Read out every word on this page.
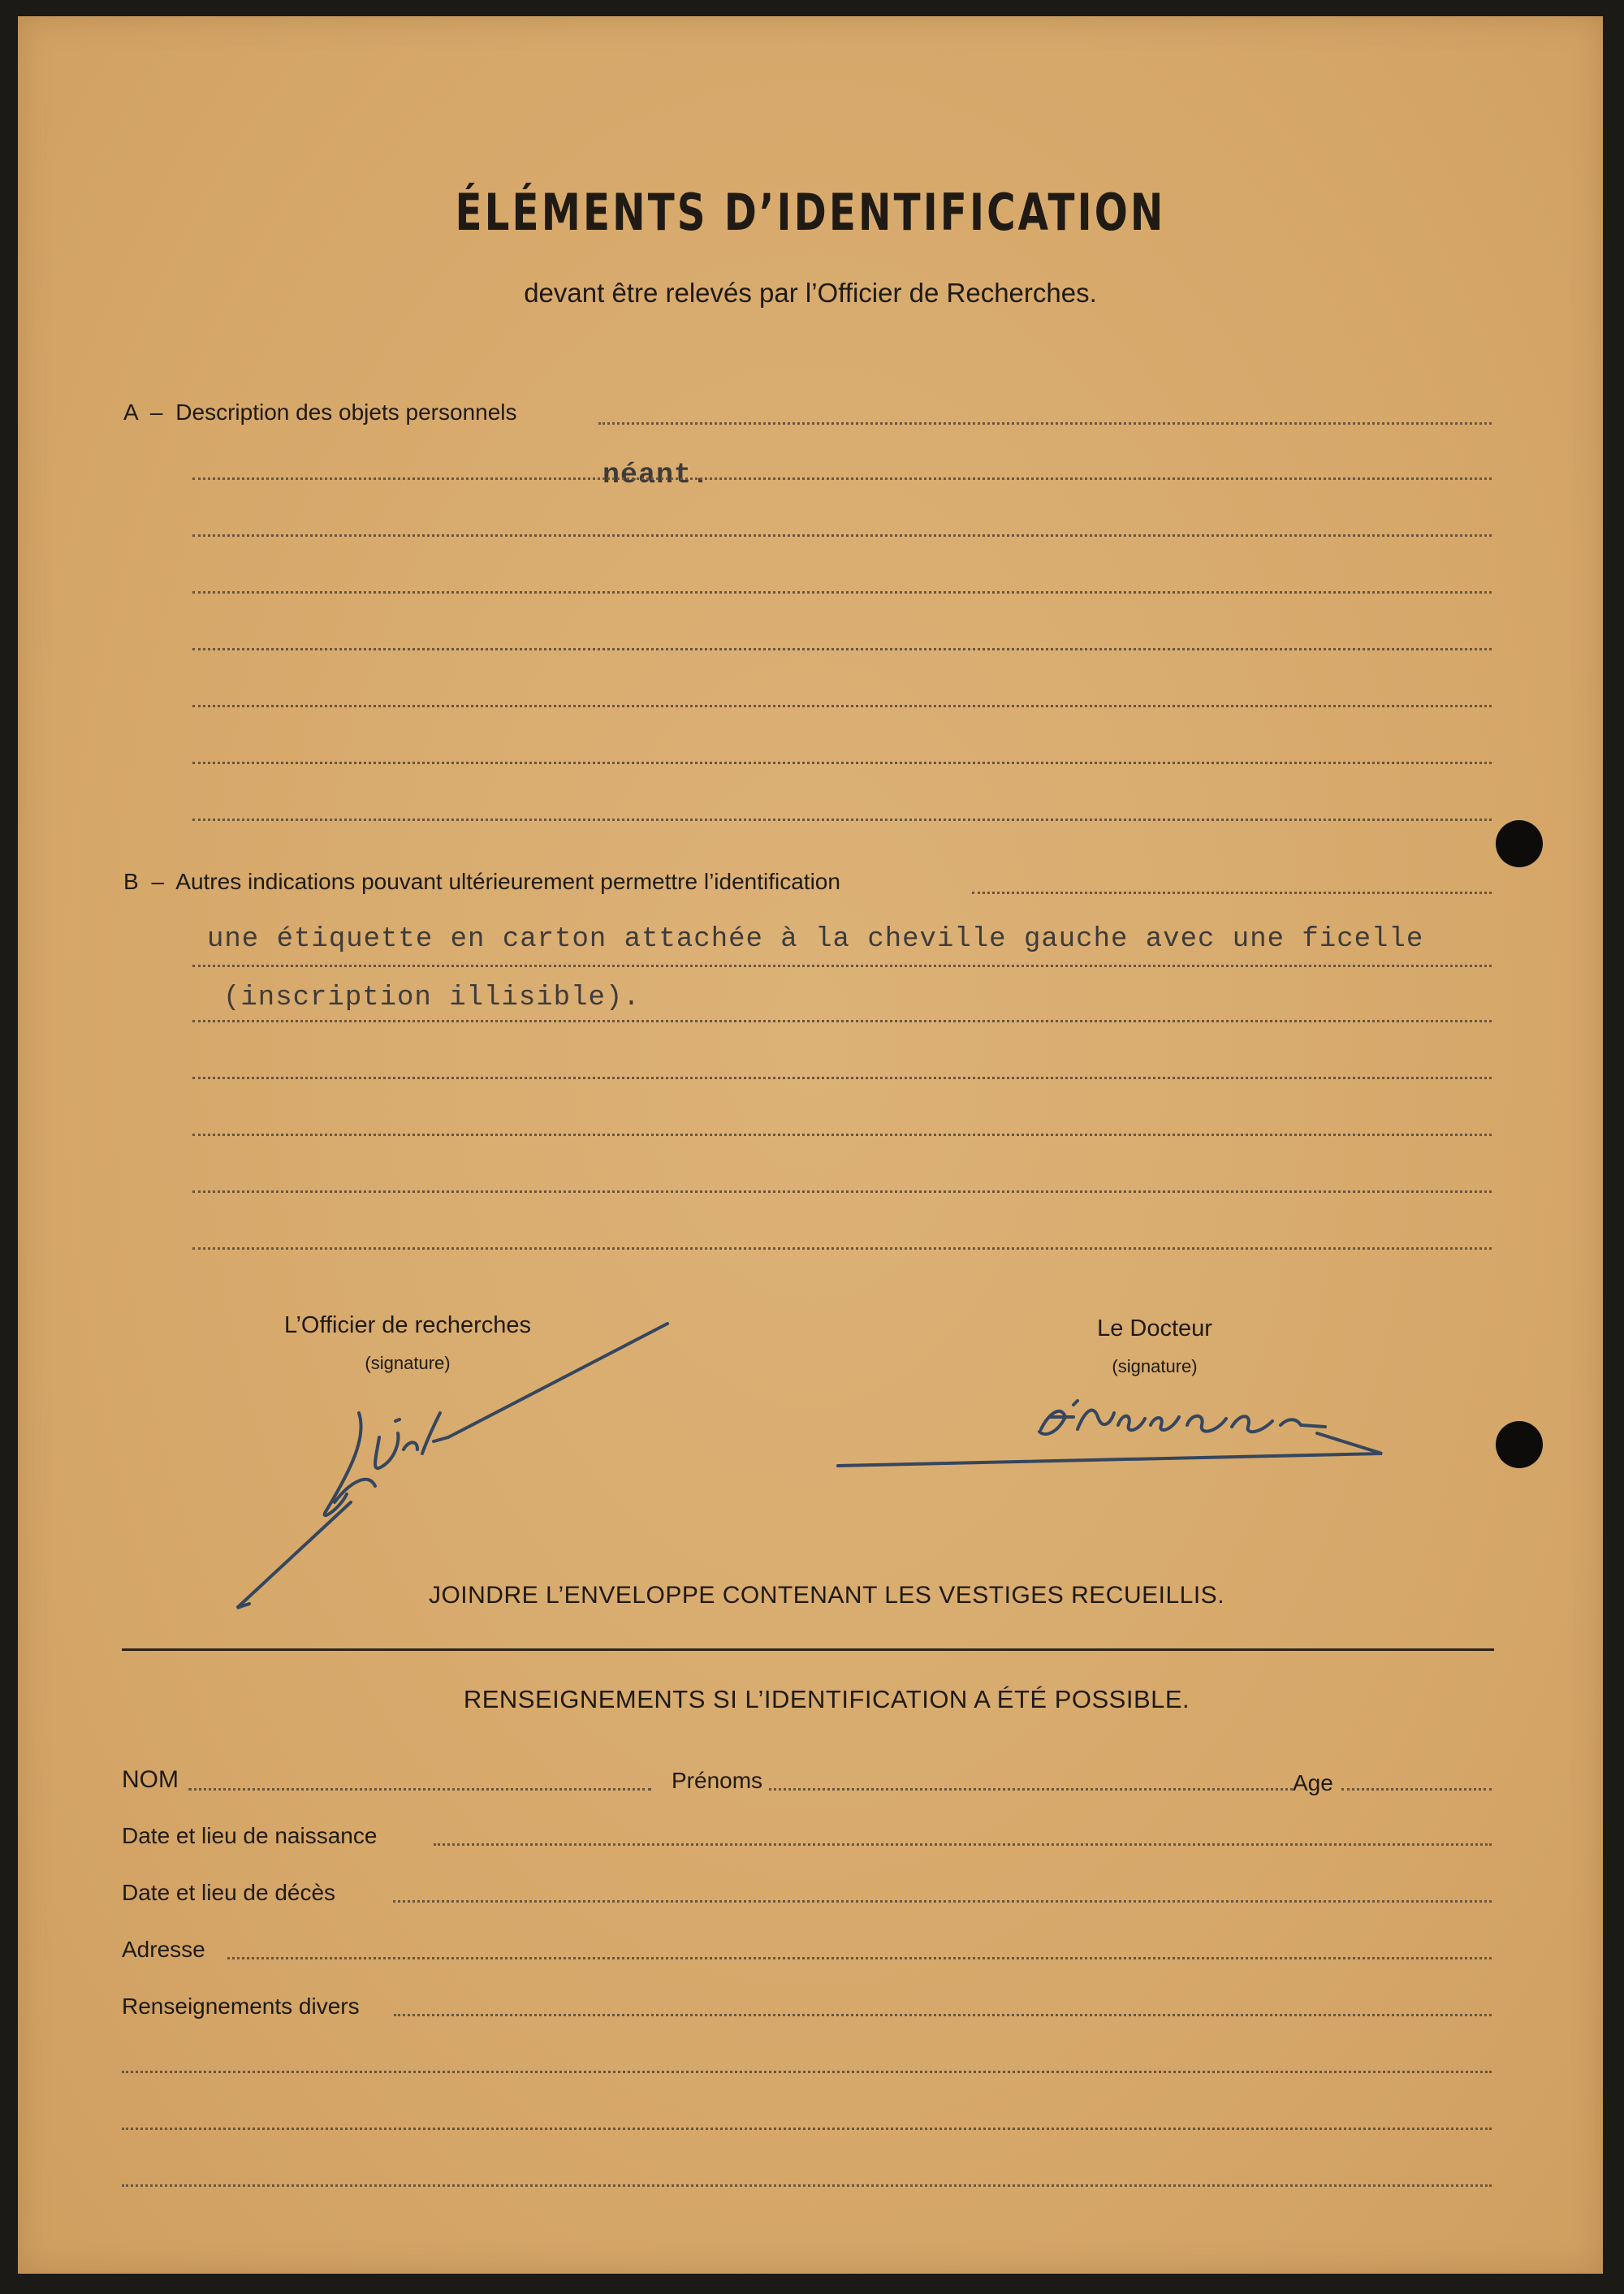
ÉLÉMENTS D’IDENTIFICATION
devant être relevés par l’Officier de Recherches.
A – Description des objets personnels
néant.
B – Autres indications pouvant ultérieurement permettre l’identification
une étiquette en carton attachée à la cheville gauche avec une ficelle
(inscription illisible).
L’Officier de recherches
(signature)
Le Docteur
(signature)
JOINDRE L’ENVELOPPE CONTENANT LES VESTIGES RECUEILLIS.
RENSEIGNEMENTS SI L’IDENTIFICATION A ÉTÉ POSSIBLE.
NOM	Prénoms	Age
Date et lieu de naissance
Date et lieu de décès
Adresse
Renseignements divers
